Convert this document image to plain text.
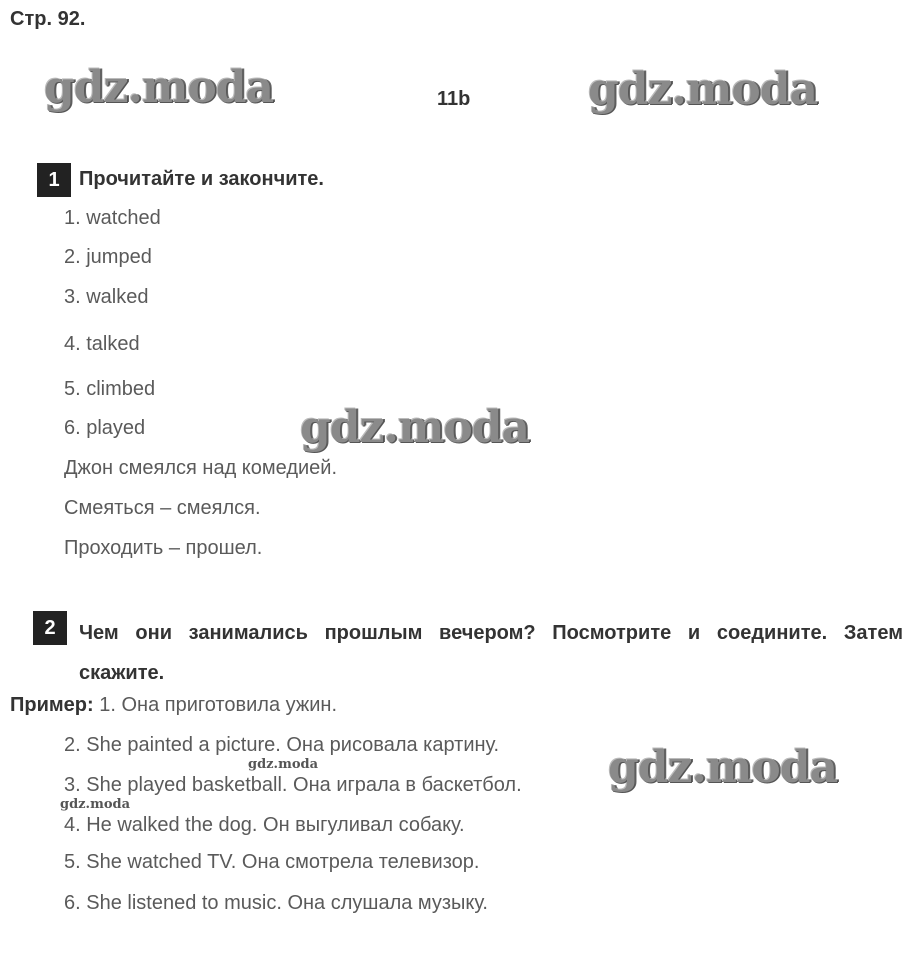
Стр. 92.
gdz.moda	11b	gdz.moda
1 Прочитайте и закончите.
1. watched
2. jumped
3. walked
4. talked
5. climbed
6. played	gdz.moda
Джон смеялся над комедией.
Смеяться – смеялся.
Проходить – прошел.
2	Чем они занимались прошлым вечером? Посмотрите и соедините. Затем скажите.
Пример: 1. Она приготовила ужин.
2. She painted a picture. Она рисовала картину.
gdz.moda
3. She played basketball. Она играла в баскетбол. gdz.moda
gdz.moda
4. He walked the dog. Он выгуливал собаку.
5. She watched TV. Она смотрела телевизор.
6. She listened to music. Она слушала музыку.
